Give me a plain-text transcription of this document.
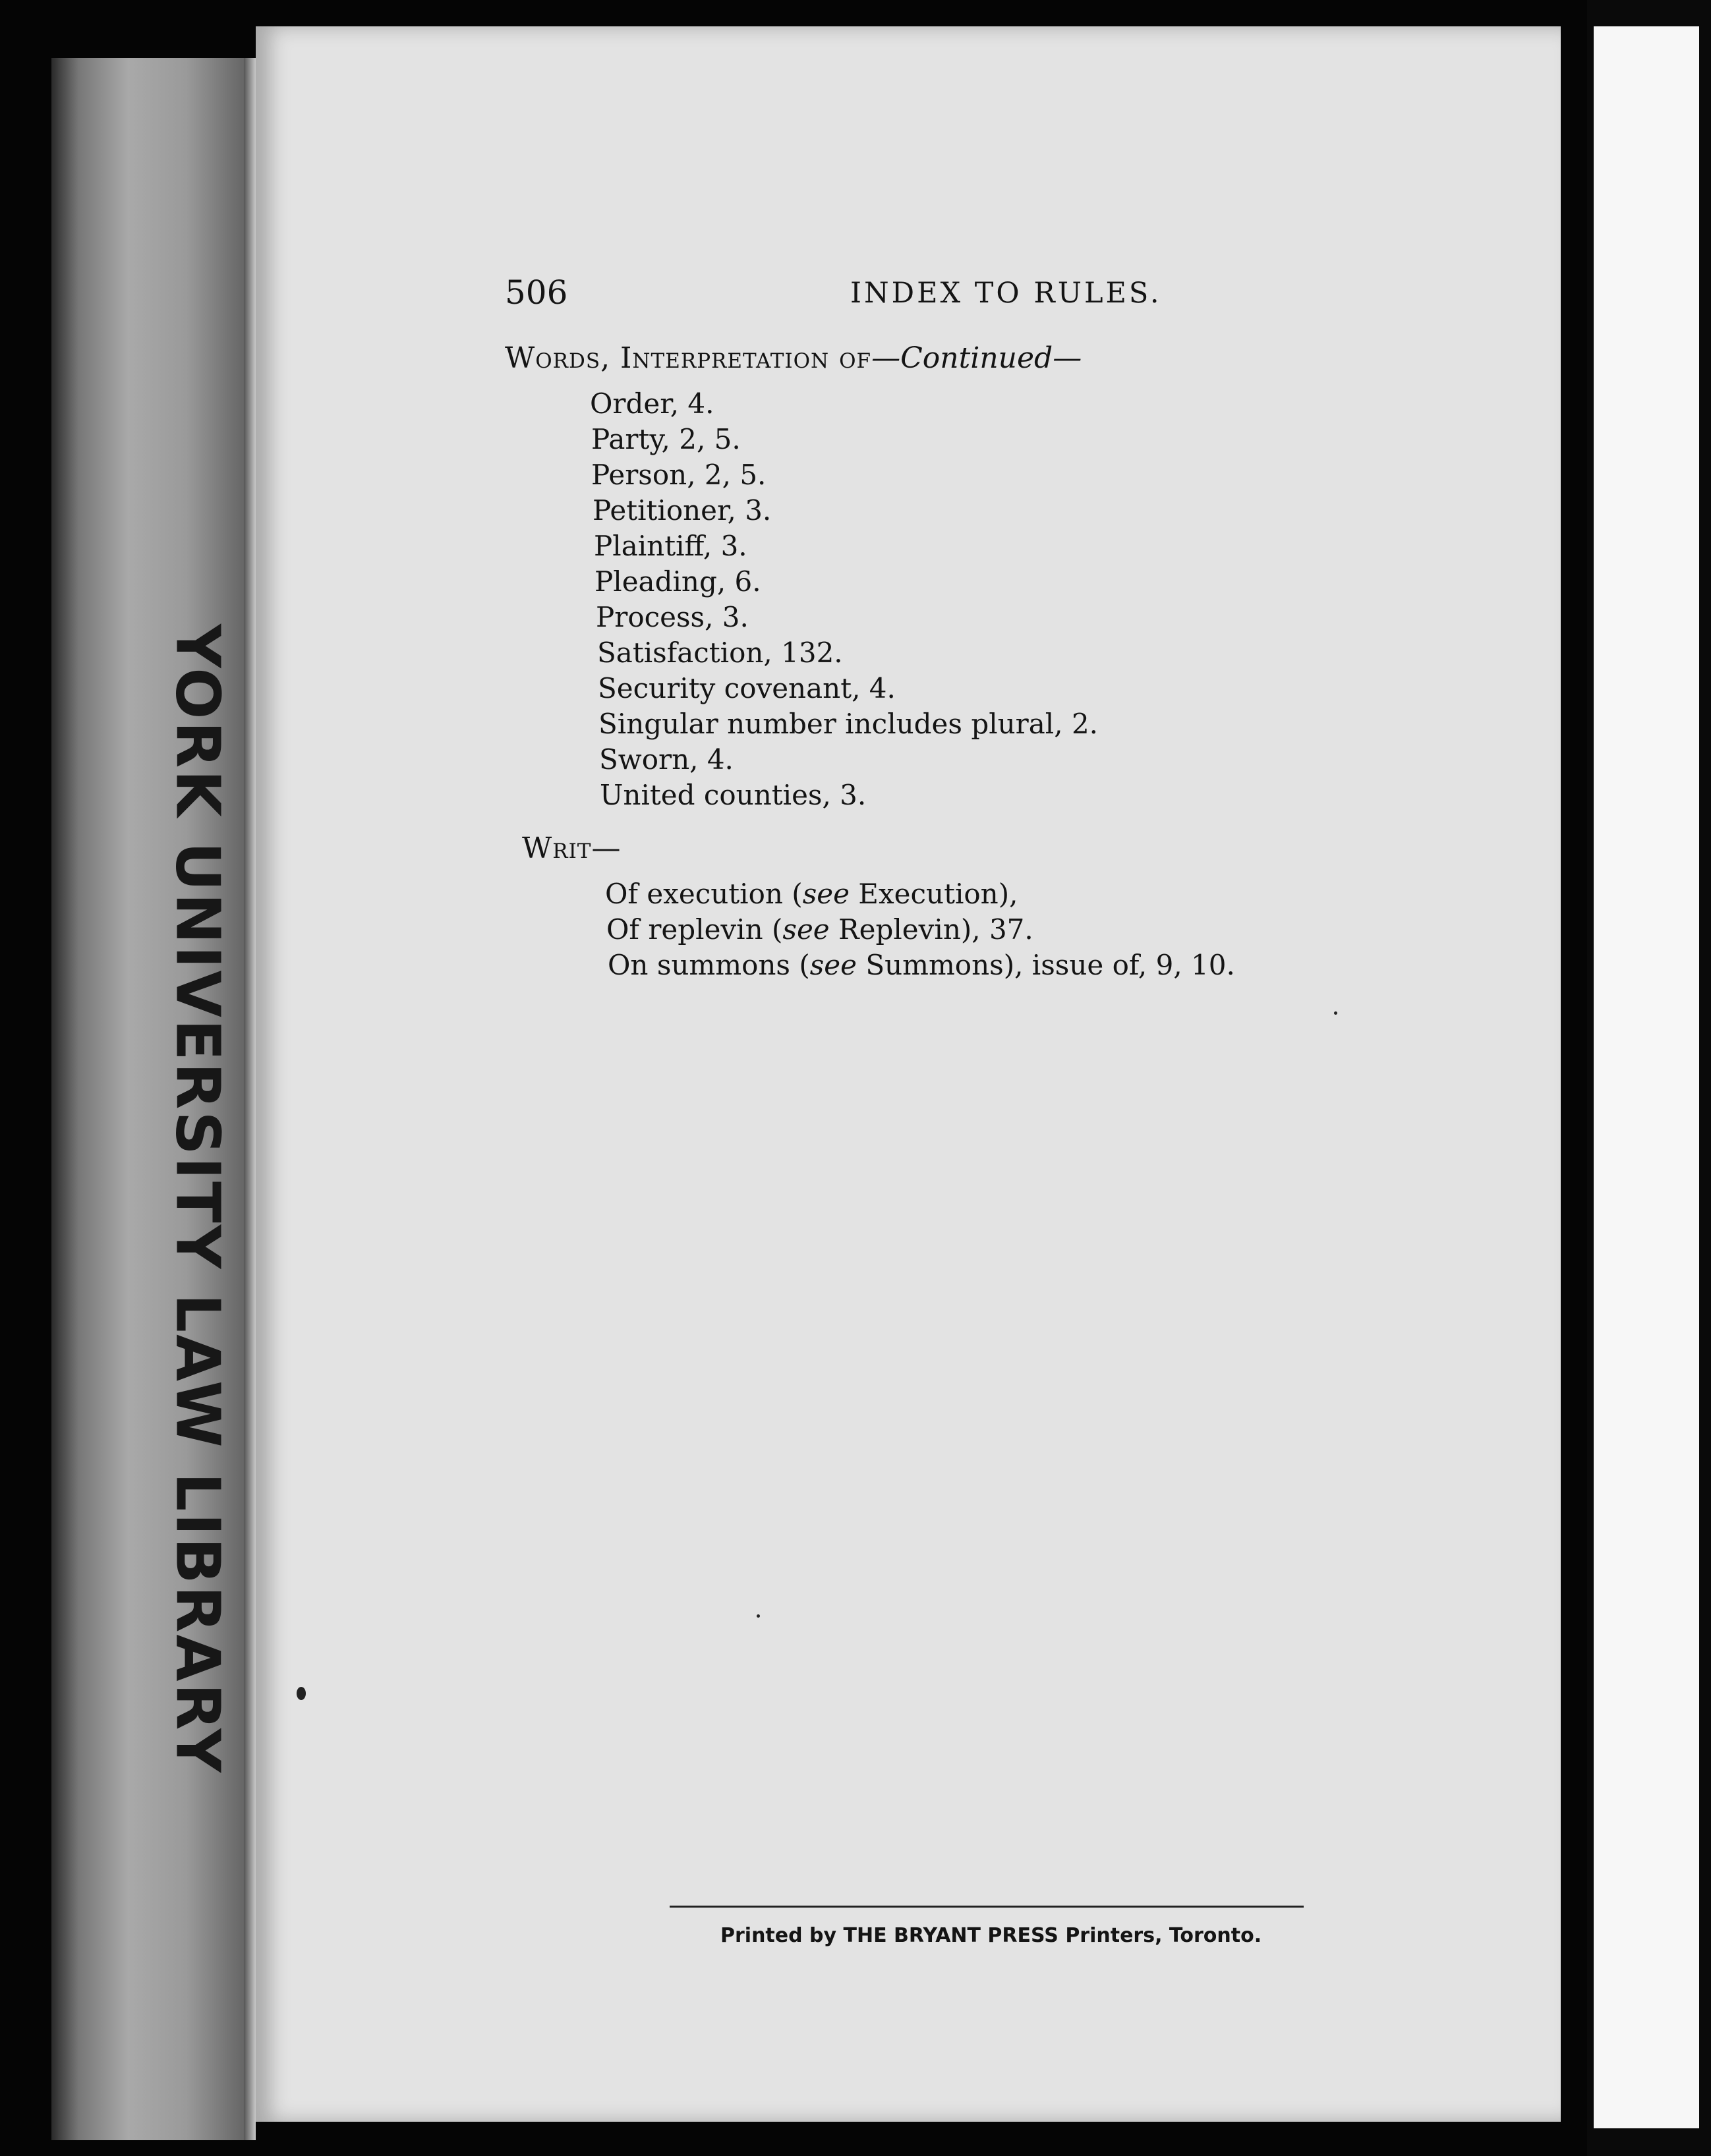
YORK UNIVERSITY LAW LIBRARY
506	INDEX TO RULES.
Words, Interpretation of—Continued—
Order, 4.
Party, 2, 5.
Person, 2, 5.
Petitioner, 3.
Plaintiff, 3.
Pleading, 6.
Process, 3.
Satisfaction, 132.
Security covenant, 4.
Singular number includes plural, 2.
Sworn, 4.
United counties, 3.
Writ—
Of execution (see Execution),
Of replevin (see Replevin), 37.
On summons (see Summons), issue of, 9, 10.
Printed by THE BRYANT PRESS Printers, Toronto.
